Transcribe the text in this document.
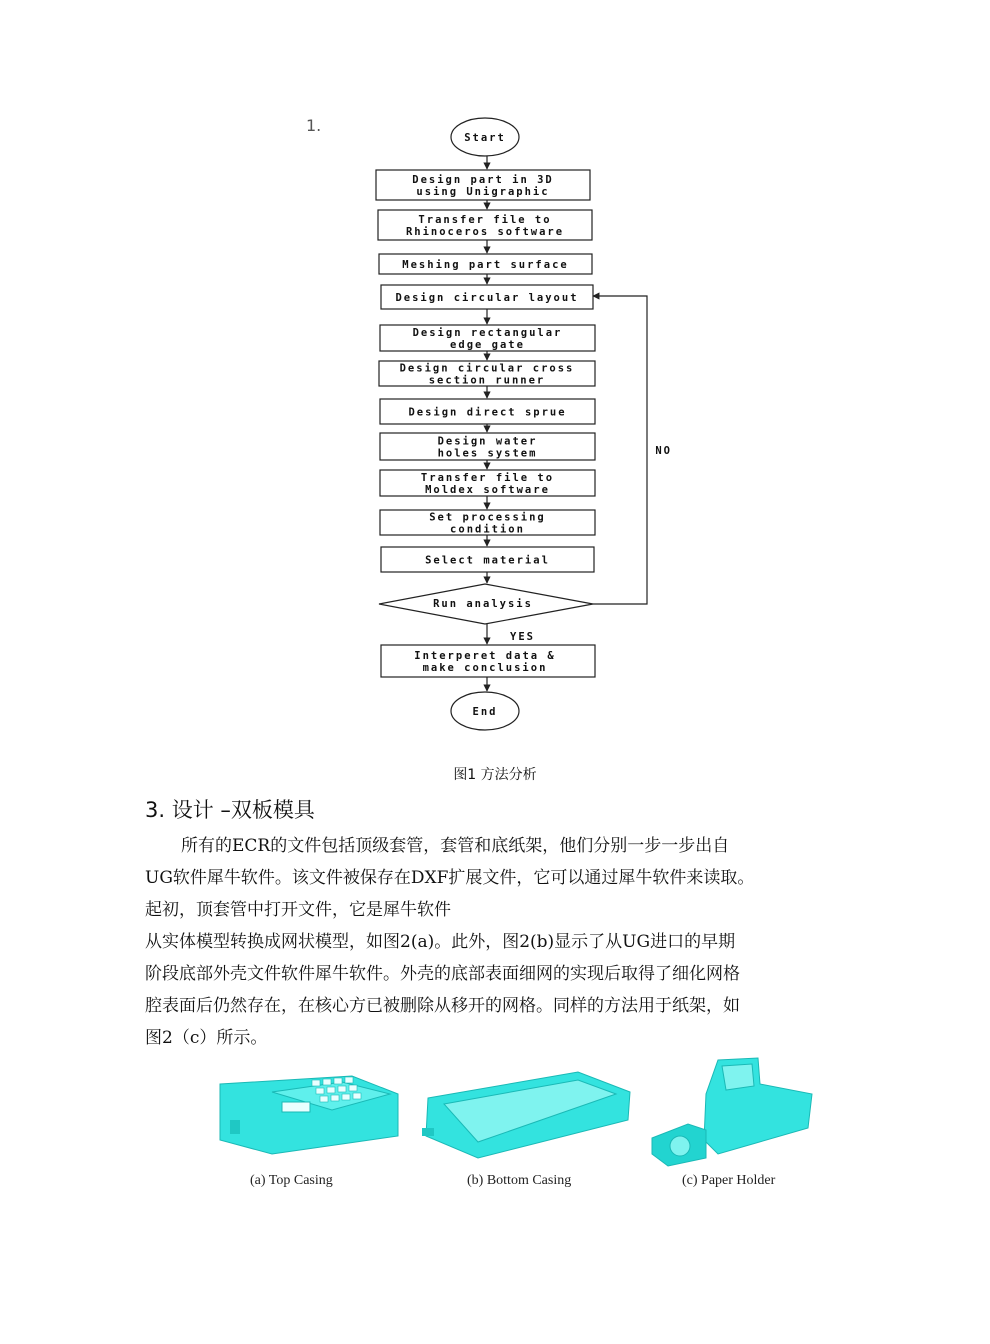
1.
Start
Design part in 3D
using Unigraphic
Transfer file to
Rhinoceros software
Meshing part surface
Design circular layout
Design rectangular
edge gate
Design circular cross
section runner
Design direct sprue
Design water
holes system
Transfer file to
Moldex software
Set processing
condition
Select material
NO
Run analysis
YES
Interperet data &
make conclusion
End
图1 方法分析
3. 设计 –双板模具

所有的ECR的文件包括顶级套管，套管和底纸架，他们分别一步一步出自

UG软件犀牛软件。该文件被保存在DXF扩展文件，它可以通过犀牛软件来读取。

起初，顶套管中打开文件，它是犀牛软件

从实体模型转换成网状模型，如图2(a)。此外，图2(b)显示了从UG进口的早期

阶段底部外壳文件软件犀牛软件。外壳的底部表面细网的实现后取得了细化网格

腔表面后仍然存在，在核心方已被删除从移开的网格。同样的方法用于纸架，如

图2（c）所示。

(a) Top Casing	(b) Bottom Casing	(c) Paper Holder
